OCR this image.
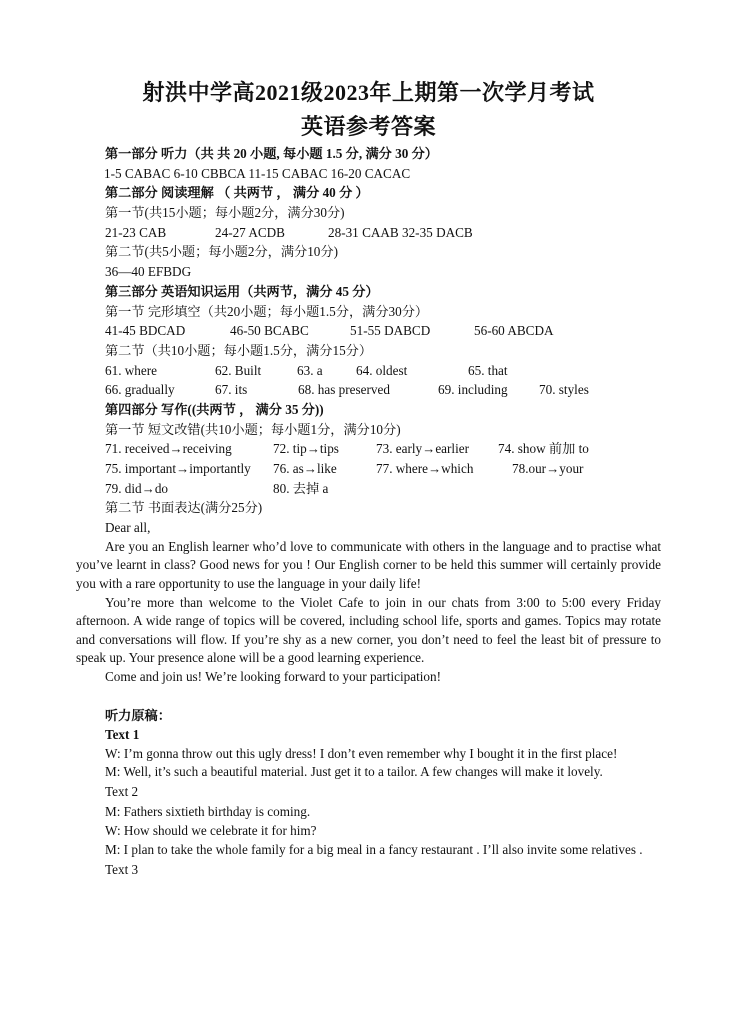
射洪中学高2021级2023年上期第一次学月考试
英语参考答案
第一部分 听力（共 共 20 小题, 每小题 1.5 分, 满分 30 分）
1-5 CABAC 6-10 CBBCA 11-15 CABAC 16-20 CACAC
第二部分 阅读理解 （ 共两节 ， 满分 40 分 ）
第一节(共15小题；每小题2分，满分30分)
21-23 CAB	24-27 ACDB	28-31 CAAB 32-35 DACB
第二节(共5小题；每小题2分，满分10分)
36—40 EFBDG
第三部分 英语知识运用（共两节，满分 45 分）
第一节 完形填空（共20小题；每小题1.5分，满分30分）
41-45 BDCAD	46-50 BCABC	51-55 DABCD	56-60 ABCDA
第二节（共10小题；每小题1.5分，满分15分）
61. where	62. Built	63. a	64. oldest	65. that
66. gradually	67. its	68. has preserved	69. including	70. styles
第四部分 写作((共两节 ， 满分 35 分))
第一节 短文改错(共10小题；每小题1分，满分10分)
71. received→receiving	72. tip→tips	73. early→earlier	74. show 前加 to
75. important→importantly	76. as→like	77. where→which	78.our→your
79. did→do	80. 去掉 a
第二节 书面表达(满分25分)
Dear all,

Are you an English learner who’d love to communicate with others in the language and to practise what you’ve learnt in class? Good news for you ! Our English corner to be held this summer will certainly provide you with a rare opportunity to use the language in your daily life!

You’re more than welcome to the Violet Cafe to join in our chats from 3:00 to 5:00 every Friday afternoon. A wide range of topics will be covered, including school life, sports and games. Topics may rotate and conversations will flow. If you’re shy as a new corner, you don’t need to feel the least bit of pressure to speak up. Your presence alone will be a good learning experience.

Come and join us! We’re looking forward to your participation!

听力原稿：
Text 1

W: I’m gonna throw out this ugly dress! I don’t even remember why I bought it in the first place!

M: Well, it’s such a beautiful material. Just get it to a tailor. A few changes will make it lovely.

Text 2
M: Fathers sixtieth birthday is coming.
W: How should we celebrate it for him?

M: I plan to take the whole family for a big meal in a fancy restaurant . I’ll also invite some relatives .

Text 3
